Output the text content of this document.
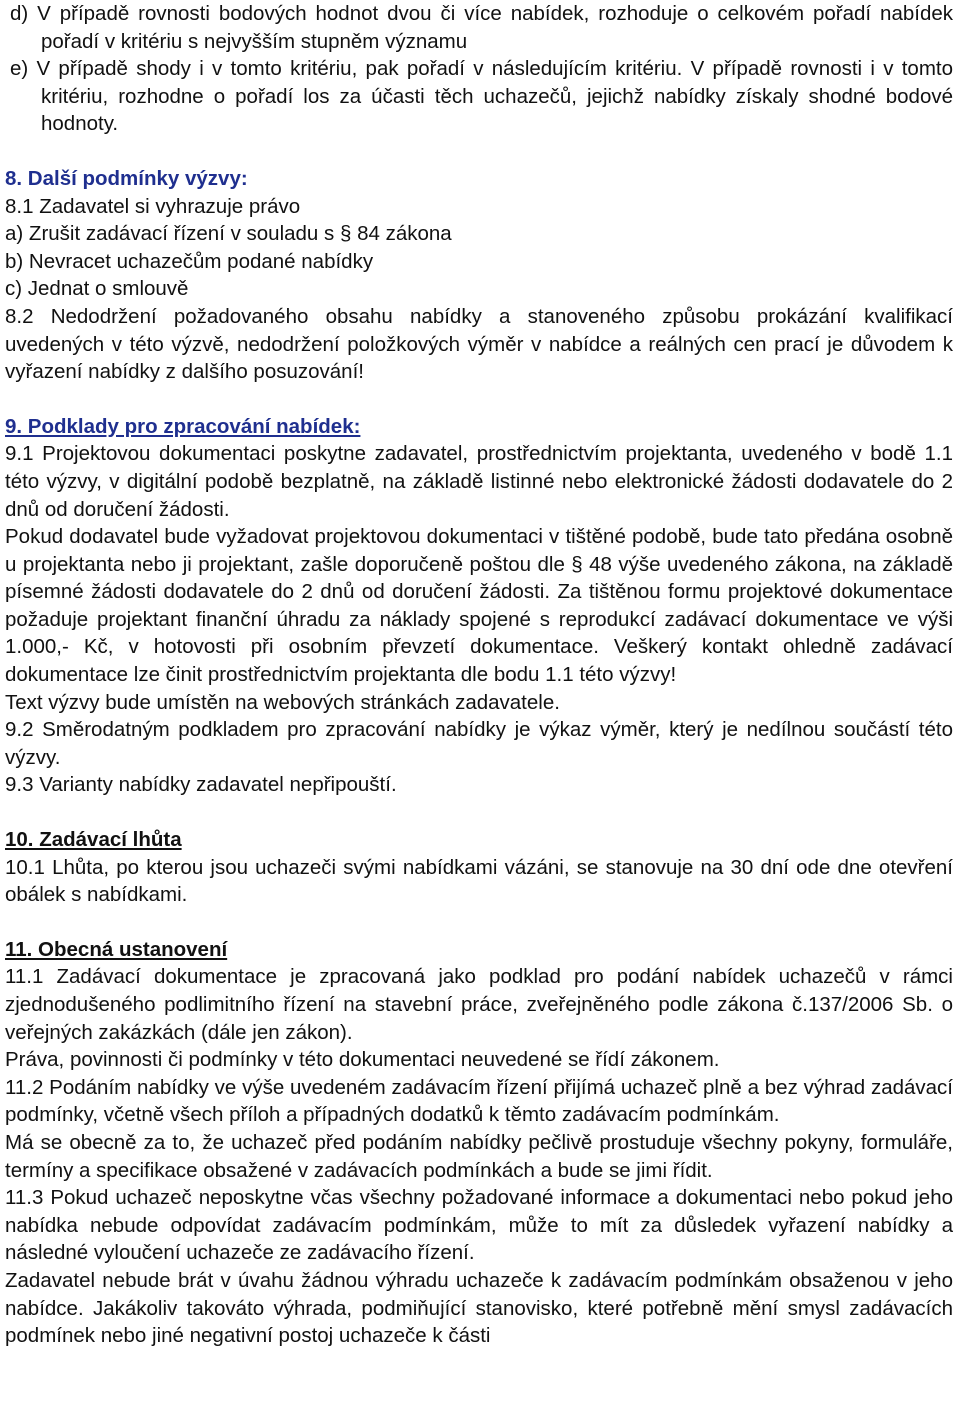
d) V případě rovnosti bodových hodnot dvou či více nabídek, rozhoduje o celkovém pořadí nabídek pořadí v kritériu s nejvyšším stupněm významu

e) V případě shody i v tomto kritériu, pak pořadí v následujícím kritériu. V případě rovnosti i v tomto kritériu, rozhodne o pořadí los za účasti těch uchazečů, jejichž nabídky získaly shodné bodové hodnoty.

8. Další podmínky výzvy:

8.1 Zadavatel si vyhrazuje právo

a) Zrušit zadávací řízení v souladu s § 84 zákona

b) Nevracet uchazečům podané nabídky

c) Jednat o smlouvě

8.2 Nedodržení požadovaného obsahu nabídky a stanoveného způsobu prokázání kvalifikací uvedených v této výzvě, nedodržení položkových výměr v nabídce a reálných cen prací je důvodem k vyřazení nabídky z dalšího posuzování!

9. Podklady pro zpracování nabídek:

9.1 Projektovou dokumentaci poskytne zadavatel, prostřednictvím projektanta, uvedeného v bodě 1.1 této výzvy, v digitální podobě bezplatně, na základě listinné nebo elektronické žádosti dodavatele do 2 dnů od doručení žádosti.

Pokud dodavatel bude vyžadovat projektovou dokumentaci v tištěné podobě, bude tato předána osobně u projektanta nebo ji projektant, zašle doporučeně poštou dle § 48 výše uvedeného zákona, na základě písemné žádosti dodavatele do 2 dnů od doručení žádosti. Za tištěnou formu projektové dokumentace požaduje projektant finanční úhradu za náklady spojené s reprodukcí zadávací dokumentace ve výši 1.000,- Kč, v hotovosti při osobním převzetí dokumentace. Veškerý kontakt ohledně zadávací dokumentace lze činit prostřednictvím projektanta dle bodu 1.1 této výzvy!

Text výzvy bude umístěn na webových stránkách zadavatele.

9.2 Směrodatným podkladem pro zpracování nabídky je výkaz výměr, který je nedílnou součástí této výzvy.

9.3 Varianty nabídky zadavatel nepřipouští.

10. Zadávací lhůta

10.1 Lhůta, po kterou jsou uchazeči svými nabídkami vázáni, se stanovuje na 30 dní ode dne otevření obálek s nabídkami.

11. Obecná ustanovení

11.1 Zadávací dokumentace je zpracovaná jako podklad pro podání nabídek uchazečů v rámci zjednodušeného podlimitního řízení na stavební práce, zveřejněného podle zákona č.137/2006 Sb. o veřejných zakázkách (dále jen zákon).

Práva, povinnosti či podmínky v této dokumentaci neuvedené se řídí zákonem.

11.2 Podáním nabídky ve výše uvedeném zadávacím řízení přijímá uchazeč plně a bez výhrad zadávací podmínky, včetně všech příloh a případných dodatků k těmto zadávacím podmínkám.

Má se obecně za to, že uchazeč před podáním nabídky pečlivě prostuduje všechny pokyny, formuláře, termíny a specifikace obsažené v zadávacích podmínkách a bude se jimi řídit.

11.3 Pokud uchazeč neposkytne včas všechny požadované informace a dokumentaci nebo pokud jeho nabídka nebude odpovídat zadávacím podmínkám, může to mít za důsledek vyřazení nabídky a následné vyloučení uchazeče ze zadávacího řízení.

Zadavatel nebude brát v úvahu žádnou výhradu uchazeče k zadávacím podmínkám obsaženou v jeho nabídce. Jakákoliv takováto výhrada, podmiňující stanovisko, které potřebně mění smysl zadávacích podmínek nebo jiné negativní postoj uchazeče k části
